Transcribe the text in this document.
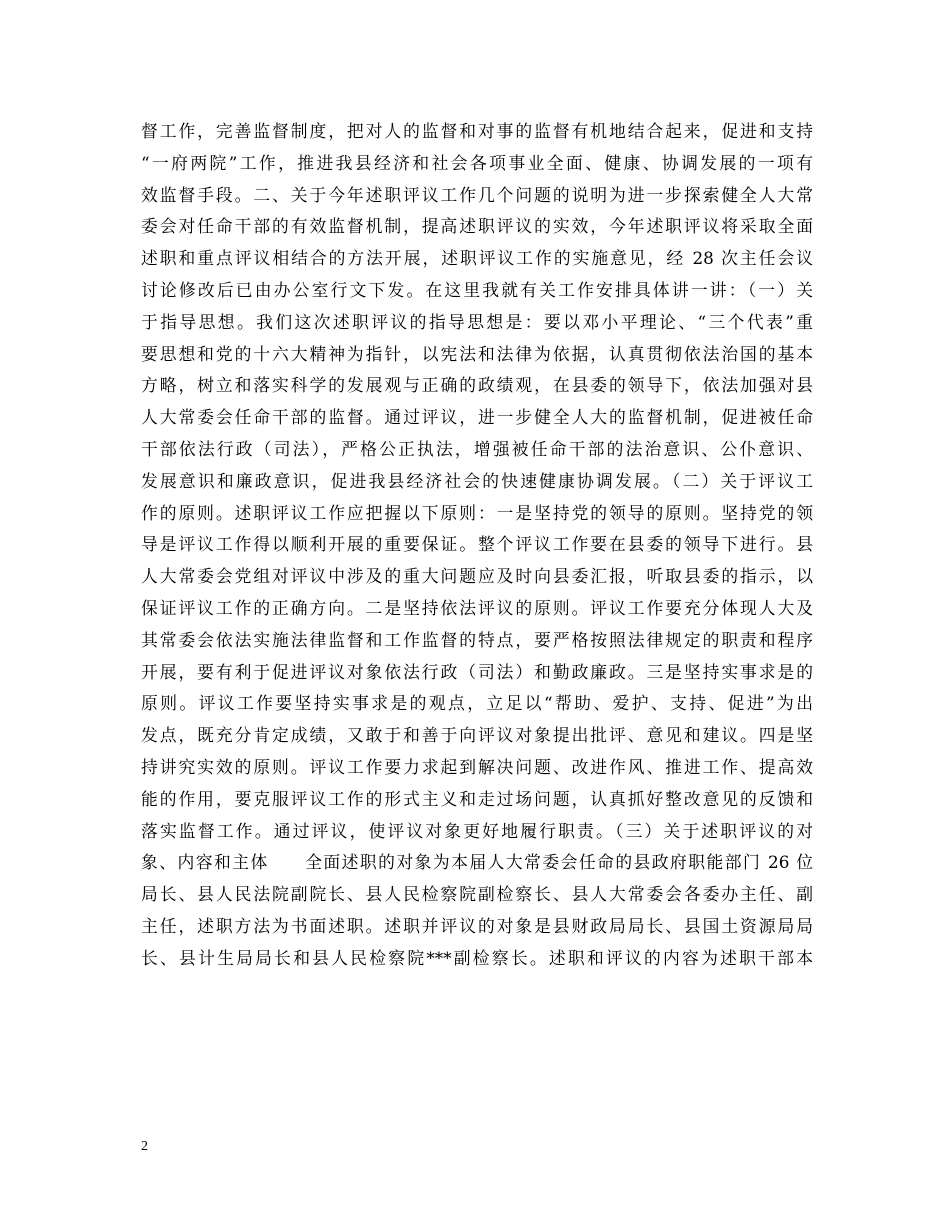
督工作，完善监督制度，把对人的监督和对事的监督有机地结合起来，促进和支持
“一府两院”工作，推进我县经济和社会各项事业全面、健康、协调发展的一项有
效监督手段。二、关于今年述职评议工作几个问题的说明为进一步探索健全人大常
委会对任命干部的有效监督机制，提高述职评议的实效，今年述职评议将采取全面
述职和重点评议相结合的方法开展，述职评议工作的实施意见，经 28 次主任会议
讨论修改后已由办公室行文下发。在这里我就有关工作安排具体讲一讲：（一）关
于指导思想。我们这次述职评议的指导思想是：要以邓小平理论、“三个代表”重
要思想和党的十六大精神为指针，以宪法和法律为依据，认真贯彻依法治国的基本
方略，树立和落实科学的发展观与正确的政绩观，在县委的领导下，依法加强对县
人大常委会任命干部的监督。通过评议，进一步健全人大的监督机制，促进被任命
干部依法行政（司法），严格公正执法，增强被任命干部的法治意识、公仆意识、
发展意识和廉政意识，促进我县经济社会的快速健康协调发展。（二）关于评议工
作的原则。述职评议工作应把握以下原则：一是坚持党的领导的原则。坚持党的领
导是评议工作得以顺利开展的重要保证。整个评议工作要在县委的领导下进行。县
人大常委会党组对评议中涉及的重大问题应及时向县委汇报，听取县委的指示，以
保证评议工作的正确方向。二是坚持依法评议的原则。评议工作要充分体现人大及
其常委会依法实施法律监督和工作监督的特点，要严格按照法律规定的职责和程序
开展，要有利于促进评议对象依法行政（司法）和勤政廉政。三是坚持实事求是的
原则。评议工作要坚持实事求是的观点，立足以“帮助、爱护、支持、促进”为出
发点，既充分肯定成绩，又敢于和善于向评议对象提出批评、意见和建议。四是坚
持讲究实效的原则。评议工作要力求起到解决问题、改进作风、推进工作、提高效
能的作用，要克服评议工作的形式主义和走过场问题，认真抓好整改意见的反馈和
落实监督工作。通过评议，使评议对象更好地履行职责。（三）关于述职评议的对
象、内容和主体　　全面述职的对象为本届人大常委会任命的县政府职能部门 26 位
局长、县人民法院副院长、县人民检察院副检察长、县人大常委会各委办主任、副
主任，述职方法为书面述职。述职并评议的对象是县财政局局长、县国土资源局局
长、县计生局局长和县人民检察院***副检察长。述职和评议的内容为述职干部本
2
